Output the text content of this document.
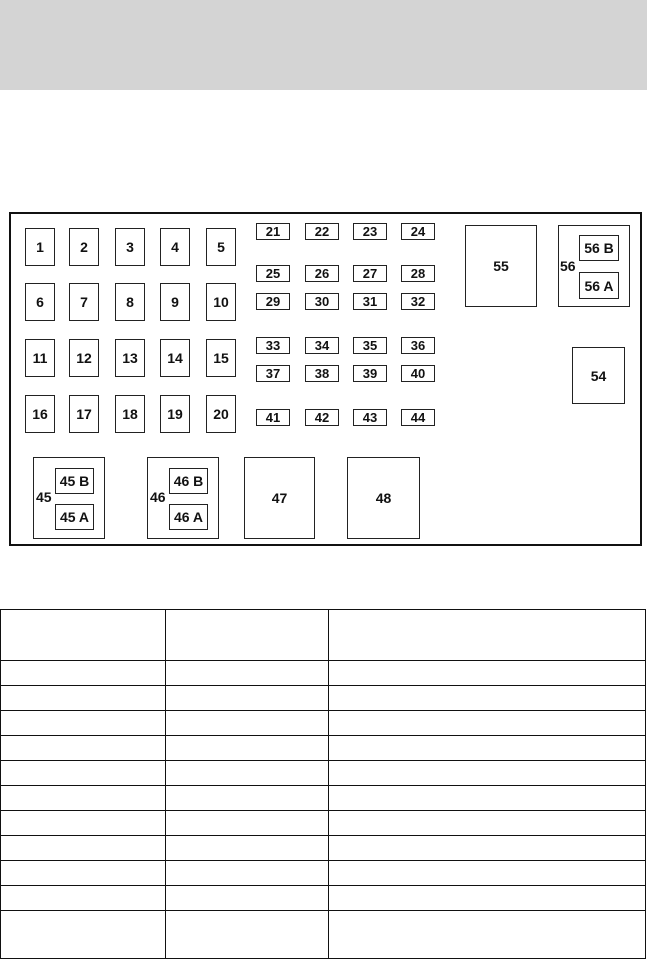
1	2	3	4	5
6	7	8	9	10
11	12	13	14	15
16	17	18	19	20
21	22	23	24
25	26	27	28
29	30	31	32
33	34	35	36
37	38	39	40
41	42	43	44
45
45 B
45 A
46
46 B
46 A
47	48
55	56
56 B
56 A
54
